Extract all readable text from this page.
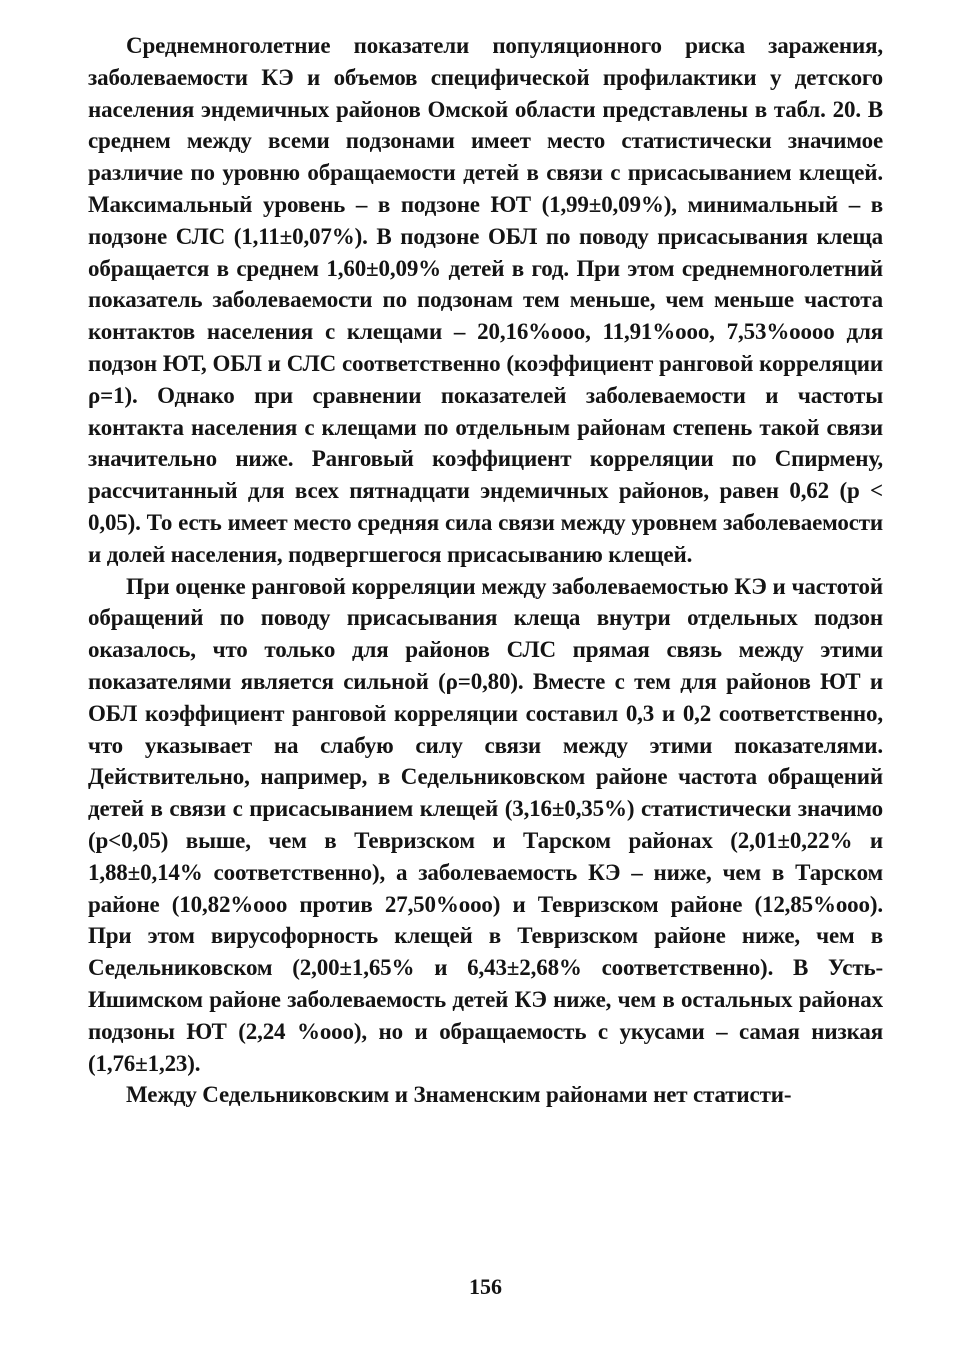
Среднемноголетние показатели популяционного риска заражения, заболеваемости КЭ и объемов специфической профилактики у детского населения эндемичных районов Омской области представлены в табл. 20. В среднем между всеми подзонами имеет место статистически значимое различие по уровню обращаемости детей в связи с присасыванием клещей. Максимальный уровень – в подзоне ЮТ (1,99±0,09%), минимальный – в подзоне СЛС (1,11±0,07%). В подзоне ОБЛ по поводу присасывания клеща обращается в среднем 1,60±0,09% детей в год. При этом среднемноголетний показатель заболеваемости по подзонам тем меньше, чем меньше частота контактов населения с клещами – 20,16%ooo, 11,91%ooo, 7,53%oooo для подзон ЮТ, ОБЛ и СЛС соответственно (коэффициент ранговой корреляции ρ=1). Однако при сравнении показателей заболеваемости и частоты контакта населения с клещами по отдельным районам степень такой связи значительно ниже. Ранговый коэффициент корреляции по Спирмену, рассчитанный для всех пятнадцати эндемичных районов, равен 0,62 (p < 0,05). То есть имеет место средняя сила связи между уровнем заболеваемости и долей населения, подвергшегося присасыванию клещей.

При оценке ранговой корреляции между заболеваемостью КЭ и частотой обращений по поводу присасывания клеща внутри отдельных подзон оказалось, что только для районов СЛС прямая связь между этими показателями является сильной (ρ=0,80). Вместе с тем для районов ЮТ и ОБЛ коэффициент ранговой корреляции составил 0,3 и 0,2 соответственно, что указывает на слабую силу связи между этими показателями. Действительно, например, в Седельниковском районе частота обращений детей в связи с присасыванием клещей (3,16±0,35%) статистически значимо (p<0,05) выше, чем в Тевризском и Тарском районах (2,01±0,22% и 1,88±0,14% соответственно), а заболеваемость КЭ – ниже, чем в Тарском районе (10,82%ooo против 27,50%ooo) и Тевризском районе (12,85%ooo). При этом вирусофорность клещей в Тевризском районе ниже, чем в Седельниковском (2,00±1,65% и 6,43±2,68% соответственно). В Усть-Ишимском районе заболеваемость детей КЭ ниже, чем в остальных районах подзоны ЮТ (2,24 %ooo), но и обращаемость с укусами – самая низкая (1,76±1,23).

Между Седельниковским и Знаменским районами нет статисти-

156
